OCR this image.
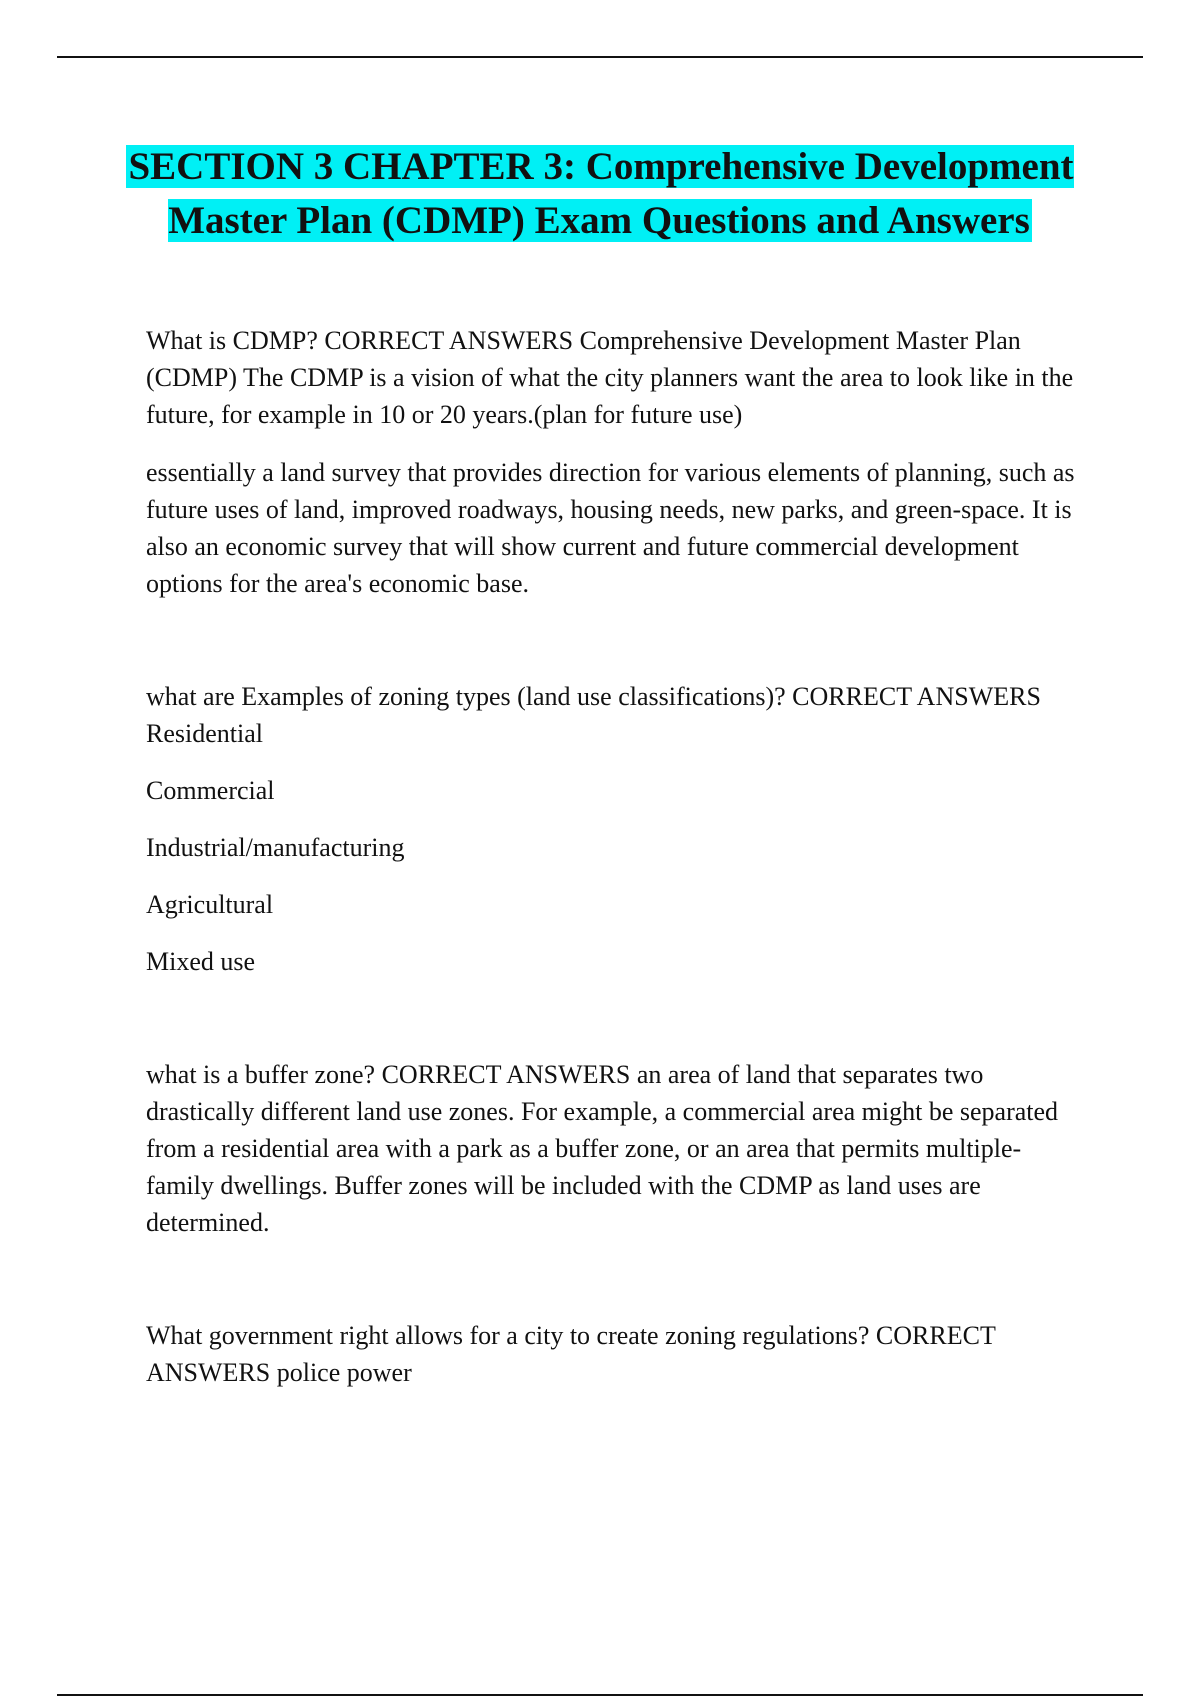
SECTION 3 CHAPTER 3: Comprehensive Development Master Plan (CDMP) Exam Questions and Answers

What is CDMP? CORRECT ANSWERS Comprehensive Development Master Plan (CDMP) The CDMP is a vision of what the city planners want the area to look like in the future, for example in 10 or 20 years.(plan for future use)

essentially a land survey that provides direction for various elements of planning, such as future uses of land, improved roadways, housing needs, new parks, and green-space. It is also an economic survey that will show current and future commercial development options for the area's economic base.

what are Examples of zoning types (land use classifications)? CORRECT ANSWERS Residential

Commercial

Industrial/manufacturing

Agricultural

Mixed use

what is a buffer zone? CORRECT ANSWERS an area of land that separates two drastically different land use zones. For example, a commercial area might be separated from a residential area with a park as a buffer zone, or an area that permits multiple-family dwellings. Buffer zones will be included with the CDMP as land uses are determined.

What government right allows for a city to create zoning regulations? CORRECT ANSWERS police power
